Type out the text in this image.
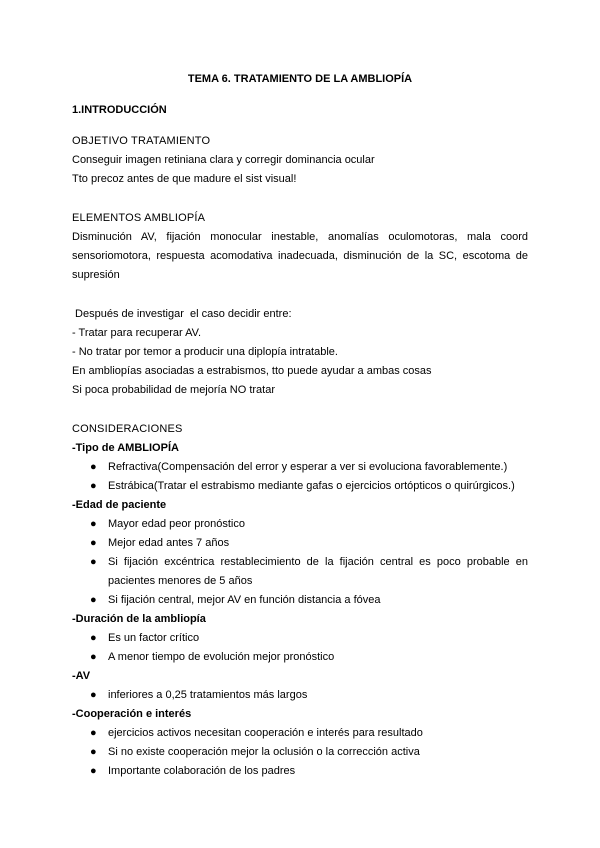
TEMA 6. TRATAMIENTO DE LA AMBLIOPÍA

1.INTRODUCCIÓN

OBJETIVO TRATAMIENTO

Conseguir imagen retiniana clara y corregir dominancia ocular

Tto precoz antes de que madure el sist visual!

ELEMENTOS AMBLIOPÍA

Disminución AV, fijación monocular inestable, anomalías oculomotoras, mala coord sensoriomotora, respuesta acomodativa inadecuada, disminución de la SC, escotoma de supresión

Después de investigar  el caso decidir entre:

- Tratar para recuperar AV.

- No tratar por temor a producir una diplopía intratable.

En ambliopías asociadas a estrabismos, tto puede ayudar a ambas cosas

Si poca probabilidad de mejoría NO tratar

CONSIDERACIONES

-Tipo de AMBLIOPÍA

● Refractiva(Compensación del error y esperar a ver si evoluciona favorablemente.)
● Estrábica(Tratar el estrabismo mediante gafas o ejercicios ortópticos o quirúrgicos.)

-Edad de paciente

● Mayor edad peor pronóstico
● Mejor edad antes 7 años
● Si fijación excéntrica restablecimiento de la fijación central es poco probable en pacientes menores de 5 años
● Si fijación central, mejor AV en función distancia a fóvea

-Duración de la ambliopía

● Es un factor crítico
● A menor tiempo de evolución mejor pronóstico

-AV

● inferiores a 0,25 tratamientos más largos

-Cooperación e interés

● ejercicios activos necesitan cooperación e interés para resultado
● Si no existe cooperación mejor la oclusión o la corrección activa
● Importante colaboración de los padres
